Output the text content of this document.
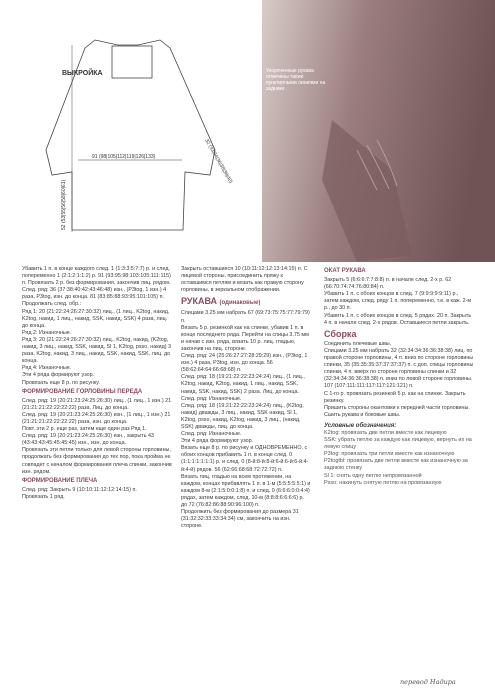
ВЫКРОЙКА
91 (98|105|112|119|126|133)
52 (53|55|56|58|60|61)
32 (33|34|36|38|38|40)
Укороченные рукава отмечены также пунктирными линиями на заднике

Убавить 1 п. в конце каждого след. 1 (1:3:3:5:7:7) р. и след. попеременно 1 (2:1:2:1:1:2) р. 91 (93:95:98:103:105:111:115) п. Провязать 2 р. без формирования, закончив лиц. рядом.

След. ряд: 36 (37:38:40:42:43:46:48) изн., (Р3tog, 1 изн.) 4 раза, P3tog, изн. до конца. 81 (83:85:88:93:95:101:105) п.

Продолжать след. обр.:

Ряд 1: 20 (21:22:24:26:27:30:32) лиц., (1 лиц., K2tog, накид, K2tog, накид, 1 лиц., накид, SSK, накид, SSK) 4 раза, лиц. до конца.

Ряд 2: Изнаночные.

Ряд 3: 20 (21:22:24:26:27:30:32) лиц., K2tog, накид, (K2tog, накид, 3 лиц., накид, SSK, накид, Sl 1, K2tog, pssо, накид) 3 раза, K2tog, накид, 3 лиц., накид, SSK, накид, SSK, лиц. до конца.

Ряд 4: Изнаночные.

Эти 4 ряда формируют узор.

Провязать еще 8 р. по рисунку.

ФОРМИРОВАНИЕ ГОРЛОВИНЫ ПЕРЕДА

След. ряд: 19 (20:21:23:24:25:26:30) лиц., (1 лиц., 1 изн.) 21 (21:21:21:22:22:22:22) раза. Лиц. до конца.

След. ряд: 19 (20:21:23:24:25:26:30) изн., (1 лиц., 1 изн.) 21 (21:21:21:22:22:22:22) раза, изн. до конца.

Повт. эти 2 р. еще раз, затем еще один раз Ряд 1.

След. ряд: 19 (20:21:23:24:25:26:30) изн., закрыть 43 (43:43:43:45:45:45:45) изн., изн. до конца.

Провязать эти петли только для левой стороны горловины, продолжать без формирования до тех пор, пока пройма не совпадет с началом формирования плеча спинки, закончив изн. рядом.

ФОРМИРОВАНИЕ ПЛЕЧА

След. ряд: Закрыть 9 (10:10:11:12:12:14:15) п.

Провязать 1 ряд.

Закрыть оставшиеся 10 (10:11:12:12:13:14:15) п. С лицевой стороны, присоединить пряжу к оставшимся петлям и вязать как правую сторону горловины, в зеркальном отображении.

РУКАВА (одинаковые)

Спицами 3.25 мм набрать 67 (69:73:75:75:77:79:79) п.

Вязать 5 р. резинкой как на спинке, убавив 1 п. в конце последнего ряда. Перейти на спицы 3.75 мм и начав с изн. ряда, вязать 10 р. лиц. гладью, закончив на лиц. стороне.

След. ряд: 24 (25:26:27:27:28:29:29) изн., (P3tog, 1 изн.) 4 раза, P3tog, изн. до конца. 56 (58:62:64:64:66:68:68) п.

След. ряд: 18 (19:21:22:22:23:24:24) лиц., (1 лиц., K2tog, накид, K2tog, накид, 1 лиц., накид, SSK, накид, SSK, накид, SSK) 2 раза. Лиц. до конца.

След. ряд: Изнаночные.

След. ряд: 18 (19:21:22:22:23:24:24) лиц., (K2tog, накид) дважды, 3 лиц., накид, SSK накид, Sl 1, K2tog, pssо, накид, K2tog, накид, 3 лиц., (накид, SSK) дважды, лиц. до конца.

След. ряд: Изнаночные.

Эти 4 ряда формируют узор.

Вязать еще 8 р. по рисунку и ОДНОВРЕМЕННО, с обоих концов прибавить 1 п. в конце след. 0 (1:1:1:1:1:1:1) р. и след. 0 (8-й:8-й:8-й:6-й:6-й:6-й:4-й:4-й) рядов. 56 (62:66:68:68:72:72:72) п.

Вязать лиц. гладью на всем протяжении, на каждом, концах прибавлять 1 п. в 1-м (5:5:5:5:5:1) и каждом 8-м (2:1:5:0:0:1:8) п. и след. 0 (6:6:6:0:0:4:4) рядах, затем каждом, след. 10-м (8:8:8:6:6:6:6) р. до 72 (76:82:86:88:90:96:100) п.

Продолжить без формирования до размера 31 (31:32:32:33:33:34:34) см, закончить на изн. стороне.

ОКАТ РУКАВА

Закрыть 5 (6:6:6:7:7:8:8) п. в начале след. 2-х р. 62 (66:70:74:74:76:80:84) п.

Убавить 1 п. с обоих концов в след. 7 (9:9:9:9:9:11) р., затем каждом, след. ряду 1 п. попеременно, т.е. в каж. 2-м р., до 30 п.

Убавить 1 п. с обоих концов в след. 5 рядах. 20 п. Закрыть 4 п. в начале след. 2-х рядов. Оставшиеся петли закрыть.

Сборка

Соединить плечевые швы.

Спицами 3.25 мм набрать 32 (32:34:34:36:36:38:38) лиц. по правой стороне горловины, 4 п. вниз по стороне горловины спинки, 35 (35:35:35:37:37:37:37) п. с доп. спицы горловины спинки, 4 п. вверх по стороне горловины спинки и 32 (32:34:34:36:36:38:38) п. вниз по левой стороне горловины.

107 (107:111:111:117:117:121:121) п.

С 1-го р. провязать резинкой 5 р. как на спинке. Закрыть резинку.

Пришить стороны окантовки к передней части горловины.

Сшить рукава и боковые швы.

Условные обозначения:

K2tog: провязать две петли вместе как лицевую

SSK: убрать петлю за каждую как лицевую, вернуть их на левую спицу

P3tog: провязать три петли вместе как изнаночную

P2togtbl: провязать две петли вместе как изнаночную за заднюю стенку

Sl 1: снять одну петлю непровязанной

Pssо: накинуть снятую петлю на провязанную

перевод Надира
